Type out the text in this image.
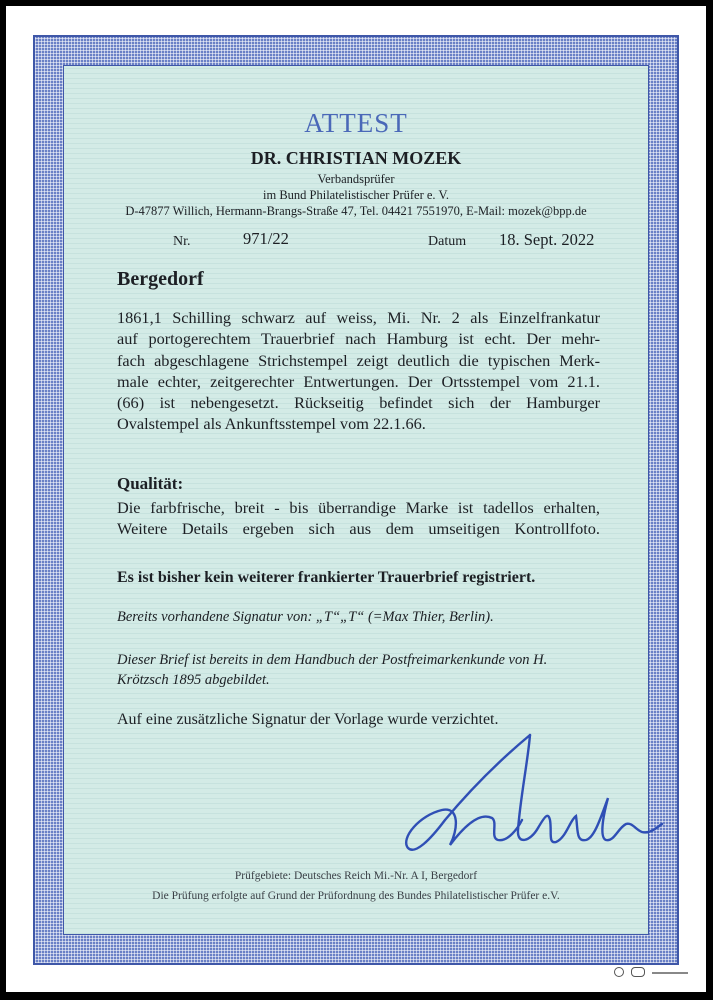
ATTEST
DR. CHRISTIAN MOZEK
Verbandsprüfer
im Bund Philatelistischer Prüfer e. V.
D-47877 Willich, Hermann-Brangs-Straße 47, Tel. 04421 7551970, E-Mail: mozek@bpp.de
Nr.	971/22	Datum 18. Sept. 2022
Bergedorf
1861,1 Schilling schwarz auf weiss, Mi. Nr. 2 als Einzelfrankatur
auf portogerechtem Trauerbrief nach Hamburg ist echt. Der mehr-
fach abgeschlagene Strichstempel zeigt deutlich die typischen Merk-
male echter, zeitgerechter Entwertungen. Der Ortsstempel vom 21.1.
(66) ist nebengesetzt. Rückseitig befindet sich der Hamburger
Ovalstempel als Ankunftsstempel vom 22.1.66.
Qualität:
Die farbfrische, breit - bis überrandige Marke ist tadellos erhalten,
Weitere Details ergeben sich aus dem umseitigen Kontrollfoto.
Es ist bisher kein weiterer frankierter Trauerbrief registriert.
Bereits vorhandene Signatur von: „T“„T“ (=Max Thier, Berlin).
Dieser Brief ist bereits in dem Handbuch der Postfreimarkenkunde von H.
Krötzsch 1895 abgebildet.
Auf eine zusätzliche Signatur der Vorlage wurde verzichtet.
Prüfgebiete: Deutsches Reich Mi.-Nr. A I, Bergedorf
Die Prüfung erfolgte auf Grund der Prüfordnung des Bundes Philatelistischer Prüfer e.V.
